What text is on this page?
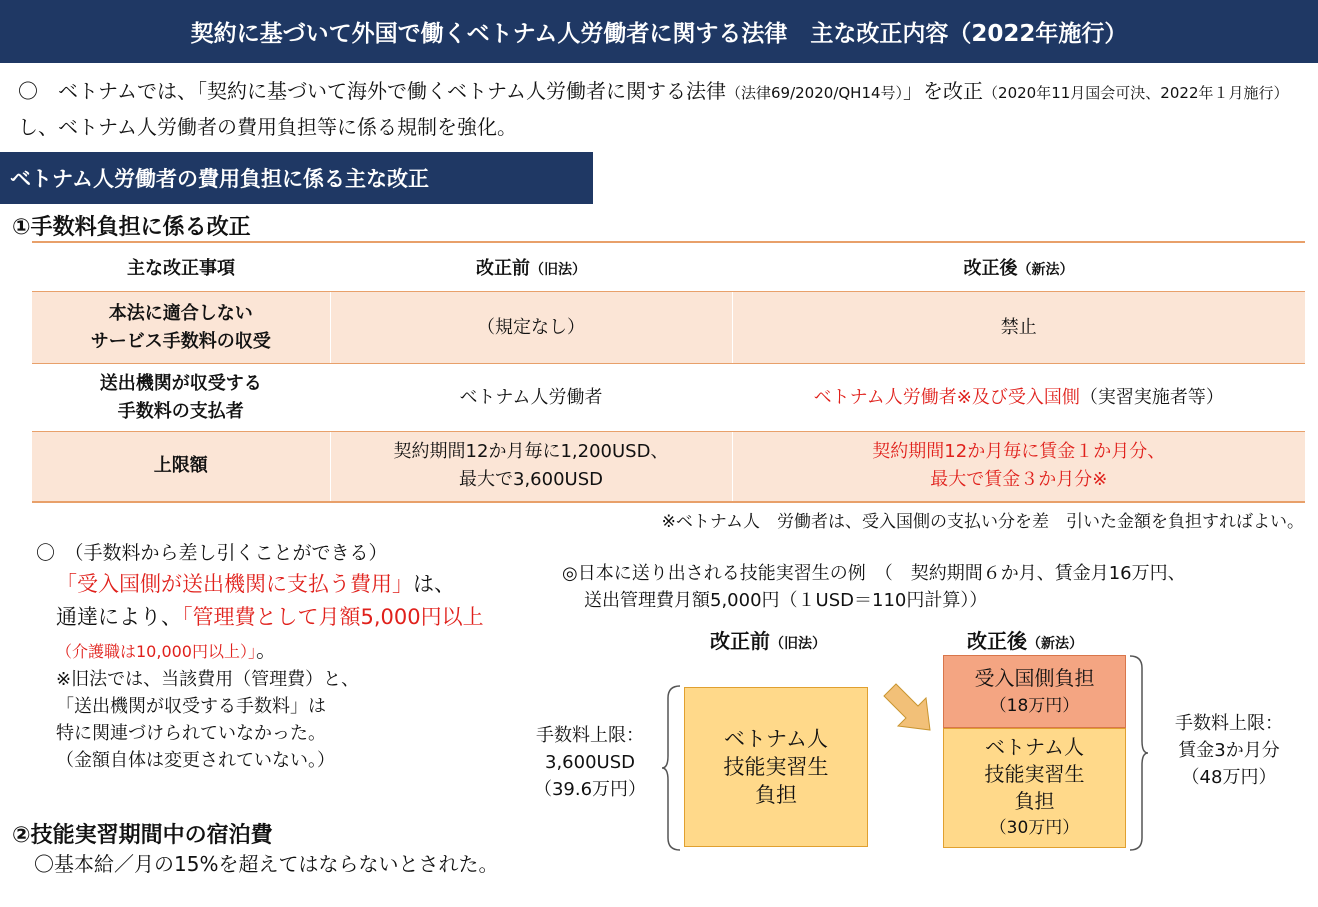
契約に基づいて外国で働くベトナム人労働者に関する法律　主な改正内容（2022年施行）
〇　ベトナムでは、「契約に基づいて海外で働くベトナム人労働者に関する法律（法律69/2020/QH14号）」を改正（2020年11月国会可決、2022年１月施行）し、ベトナム人労働者の費用負担等に係る規制を強化。
ベトナム人労働者の費用負担に係る主な改正
①手数料負担に係る改正
主な改正事項	改正前（旧法）	改正後（新法）
本法に適合しない
サービス手数料の収受	（規定なし）	禁止
送出機関が収受する
手数料の支払者	ベトナム人労働者	ベトナム人労働者※及び受入国側（実習実施者等）
上限額	契約期間12か月毎に1,200USD、
最大で3,600USD	契約期間12か月毎に賃金１か月分、
最大で賃金３か月分※
※ベトナム人　労働者は、受入国側の支払い分を差　引いた金額を負担すればよい。
〇　（手数料から差し引くことができる）
「受入国側が送出機関に支払う費用」は、
通達により、「管理費として月額5,000円以上
（介護職は10,000円以上）」。
※旧法では、当該費用（管理費）と、
「送出機関が収受する手数料」は
特に関連づけられていなかった。
（金額自体は変更されていない。）
②技能実習期間中の宿泊費
〇基本給／月の15%を超えてはならないとされた。
◎日本に送り出される技能実習生の例　（　契約期間６か月、賃金月16万円、
送出管理費月額5,000円（１USD＝110円計算））
改正前（旧法）	改正後（新法）
手数料上限：
3,600USD
（39.6万円）
ベトナム人
技能実習生
負担
受入国側負担
（18万円）
ベトナム人
技能実習生
負担
（30万円）
手数料上限：
賃金3か月分
（48万円）
